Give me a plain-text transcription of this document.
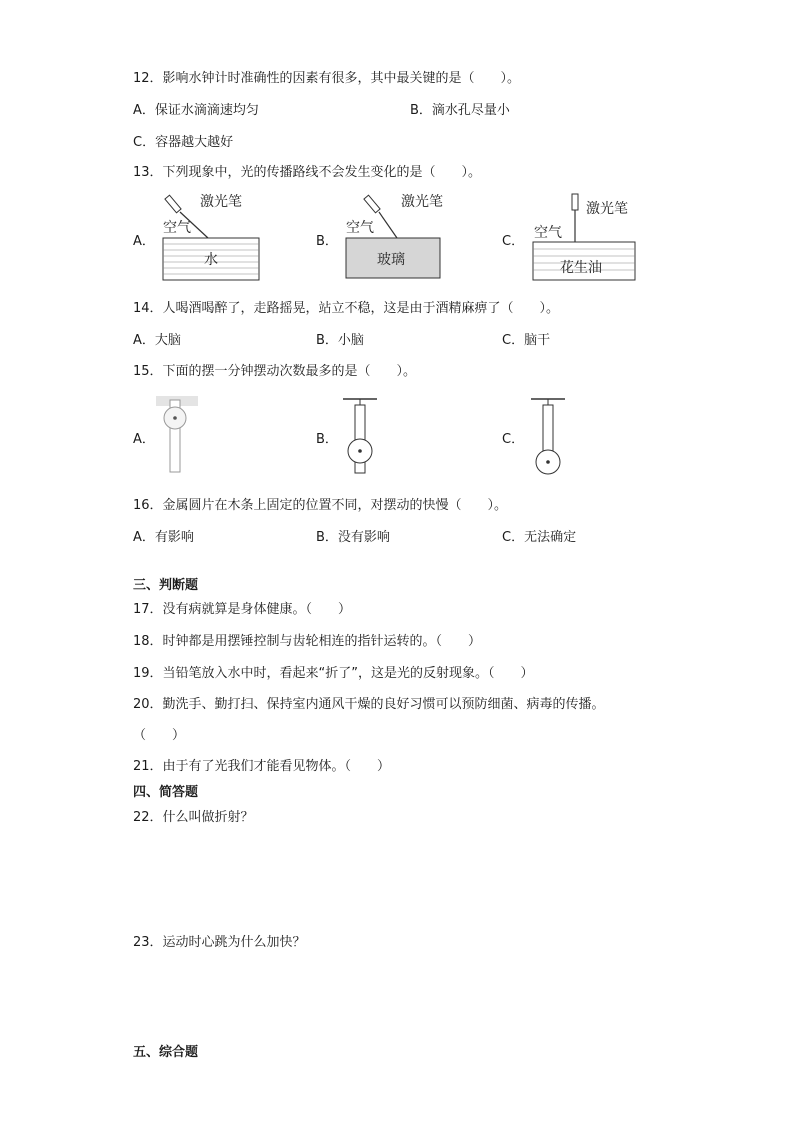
12．影响水钟计时准确性的因素有很多，其中最关键的是（　　）。
A．保证水滴滴速均匀	B．滴水孔尽量小
C．容器越大越好
13．下列现象中，光的传播路线不会发生变化的是（　　）。
A．	B．	C．
激光笔
空气
水
激光笔
空气
玻璃
激光笔
空气
花生油
14．人喝酒喝醉了，走路摇晃，站立不稳，这是由于酒精麻痹了（　　）。
A．大脑	B．小脑	C．脑干
15．下面的摆一分钟摆动次数最多的是（　　）。
A．	B．	C．
16．金属圆片在木条上固定的位置不同，对摆动的快慢（　　）。
A．有影响	B．没有影响	C．无法确定
三、判断题
17．没有病就算是身体健康。（　　）
18．时钟都是用摆锤控制与齿轮相连的指针运转的。（　　）
19．当铅笔放入水中时，看起来“折了”，这是光的反射现象。（　　）
20．勤洗手、勤打扫、保持室内通风干燥的良好习惯可以预防细菌、病毒的传播。
（　　）
21．由于有了光我们才能看见物体。（　　）
四、简答题
22．什么叫做折射？
23．运动时心跳为什么加快？
五、综合题
